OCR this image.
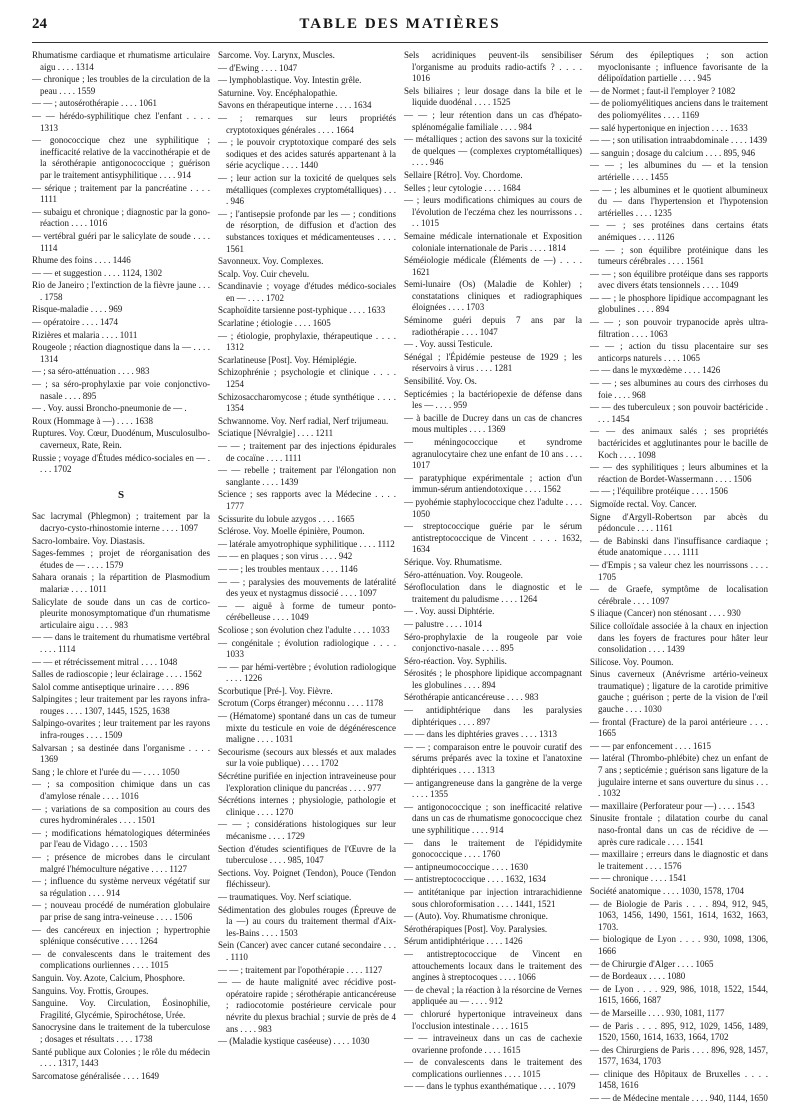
24	TABLE DES MATIÈRES

Rhumatisme cardiaque et rhumatisme articulaire aigu . . . . 1314

— chronique ; les troubles de la circulation de la peau . . . . 1559

— — ; autosérothérapie . . . . 1061

— — hérédo-syphilitique chez l'enfant . . . . 1313

— gonococcique chez une syphilitique ; inefficacité relative de la vaccinothérapie et de la sérothérapie antigonococcique ; guérison par le traitement antisyphilitique . . . . 914

— sérique ; traitement par la pancréatine . . . . 1111

— subaigu et chronique ; diagnostic par la gono-réaction . . . . 1016

— vertébral guéri par le salicylate de soude . . . . 1114

Rhume des foins . . . . 1446

— — et suggestion . . . . 1124, 1302

Rio de Janeiro ; l'extinction de la fièvre jaune . . . . 1758

Risque-maladie . . . . 969

— opératoire . . . . 1474

Rizières et malaria . . . . 1011

Rougeole ; réaction diagnostique dans la — . . . . 1314

— ; sa séro-atténuation . . . . 983

— ; sa séro-prophylaxie par voie conjonctivo-nasale . . . . 895

— . Voy. aussi Broncho-pneumonie de — .

Roux (Hommage à —) . . . . 1638

Ruptures. Voy. Cœur, Duodénum, Musculosulbo-caverneux, Rate, Rein.

Russie ; voyage d'Études médico-sociales en — . . . . 1702

S

Sac lacrymal (Phlegmon) ; traitement par la dacryo-cysto-rhinostomie interne . . . . 1097

Sacro-lombaire. Voy. Diastasis.

Sages-femmes ; projet de réorganisation des études de — . . . . 1579

Sahara oranais ; la répartition de Plasmodium malariæ . . . . 1011

Salicylate de soude dans un cas de cortico-pleurite monosymptomatique d'un rhumatisme articulaire aigu . . . . 983

— — dans le traitement du rhumatisme vertébral . . . . 1114

— — et rétrécissement mitral . . . . 1048

Salles de radioscopie ; leur éclairage . . . . 1562

Salol comme antiseptique urinaire . . . . 896

Salpingites ; leur traitement par les rayons infra-rouges . . . . 1307, 1445, 1525, 1638

Salpingo-ovarites ; leur traitement par les rayons infra-rouges . . . . 1509

Salvarsan ; sa destinée dans l'organisme . . . . 1369

Sang ; le chlore et l'urée du — . . . . 1050

— ; sa composition chimique dans un cas d'amylose rénale . . . . 1016

— ; variations de sa composition au cours des cures hydrominérales . . . . 1501

— ; modifications hématologiques déterminées par l'eau de Vidago . . . . 1503

— ; présence de microbes dans le circulant malgré l'hémoculture négative . . . . 1127

— ; influence du système nerveux végétatif sur sa régulation . . . . 914

— ; nouveau procédé de numération globulaire par prise de sang intra-veineuse . . . . 1506

— des cancéreux en injection ; hypertrophie splénique consécutive . . . . 1264

— de convalescents dans le traitement des complications ourliennes . . . . 1015

Sanguin. Voy. Azote, Calcium, Phosphore.

Sanguins. Voy. Frottis, Groupes.

Sanguine. Voy. Circulation, Éosinophilie, Fragilité, Glycémie, Spirochétose, Urée.

Sanocrysine dans le traitement de la tuberculose ; dosages et résultats . . . . 1738

Santé publique aux Colonies ; le rôle du médecin . . . . 1317, 1443

Sarcomatose généralisée . . . . 1649

Sarcome. Voy. Larynx, Muscles.

— d'Ewing . . . . 1047

— lymphoblastique. Voy. Intestin grêle.

Saturnine. Voy. Encéphalopathie.

Savons en thérapeutique interne . . . . 1634

— ; remarques sur leurs propriétés cryptotoxiques générales . . . . 1664

— ; le pouvoir cryptotoxique comparé des sels sodiques et des acides saturés appartenant à la série acyclique . . . . 1440

— ; leur action sur la toxicité de quelques sels métalliques (complexes cryptométalliques) . . . . 946

— ; l'antisepsie profonde par les — ; conditions de résorption, de diffusion et d'action des substances toxiques et médicamenteuses . . . . 1561

Savonneux. Voy. Complexes.

Scalp. Voy. Cuir chevelu.

Scandinavie ; voyage d'études médico-sociales en — . . . . 1702

Scaphoïdite tarsienne post-typhique . . . . 1633

Scarlatine ; étiologie . . . . 1605

— ; étiologie, prophylaxie, thérapeutique . . . . 1312

Scarlatineuse [Post]. Voy. Hémiplégie.

Schizophrénie ; psychologie et clinique . . . . 1254

Schizosaccharomycose ; étude synthétique . . . . 1354

Schwannome. Voy. Nerf radial, Nerf trijumeau.

Sciatique [Névralgie] . . . . 1211

— — ; traitement par des injections épidurales de cocaïne . . . . 1111

— — rebelle ; traitement par l'élongation non sanglante . . . . 1439

Science ; ses rapports avec la Médecine . . . . 1777

Scissurite du lobule azygos . . . . 1665

Sclérose. Voy. Moelle épinière, Poumon.

— latérale amyotrophique syphilitique . . . . 1112

— — en plaques ; son virus . . . . 942

— — ; les troubles mentaux . . . . 1146

— — ; paralysies des mouvements de latéralité des yeux et nystagmus dissocié . . . . 1097

— — aiguë à forme de tumeur ponto-cérébelleuse . . . . 1049

Scoliose ; son évolution chez l'adulte . . . . 1033

— congénitale ; évolution radiologique . . . . 1033

— — par hémi-vertèbre ; évolution radiologique . . . . 1226

Scorbutique [Pré-]. Voy. Fièvre.

Scrotum (Corps étranger) méconnu . . . . 1178

— (Hématome) spontané dans un cas de tumeur mixte du testicule en voie de dégénérescence maligne . . . . 1031

Secourisme (secours aux blessés et aux malades sur la voie publique) . . . . 1702

Sécrétine purifiée en injection intraveineuse pour l'exploration clinique du pancréas . . . . 977

Sécrétions internes ; physiologie, pathologie et clinique . . . . 1270

— — ; considérations histologiques sur leur mécanisme . . . . 1729

Section d'études scientifiques de l'Œuvre de la tuberculose . . . . 985, 1047

Sections. Voy. Poignet (Tendon), Pouce (Tendon fléchisseur).

— traumatiques. Voy. Nerf sciatique.

Sédimentation des globules rouges (Épreuve de la —) au cours du traitement thermal d'Aix-les-Bains . . . . 1503

Sein (Cancer) avec cancer cutané secondaire . . . . 1110

— — ; traitement par l'opothérapie . . . . 1127

— — de haute malignité avec récidive post-opératoire rapide ; sérothérapie anticancéreuse ; radiocotomie postérieure cervicale pour névrite du plexus brachial ; survie de près de 4 ans . . . . 983

— (Maladie kystique caséeuse) . . . . 1030

Sels acridiniques peuvent-ils sensibiliser l'organisme au produits radio-actifs ? . . . . 1016

Sels biliaires ; leur dosage dans la bile et le liquide duodénal . . . . 1525

— — ; leur rétention dans un cas d'hépato-splénomégalie familiale . . . . 984

— métalliques ; action des savons sur la toxicité de quelques — (complexes cryptométalliques) . . . . 946

Sellaire [Rétro]. Voy. Chordome.

Selles ; leur cytologie . . . . 1684

— ; leurs modifications chimiques au cours de l'évolution de l'eczéma chez les nourrissons . . . . 1015

Semaine médicale internationale et Exposition coloniale internationale de Paris . . . . 1814

Séméiologie médicale (Éléments de —) . . . . 1621

Semi-lunaire (Os) (Maladie de Kohler) ; constatations cliniques et radiographiques éloignées . . . . 1703

Séminome guéri depuis 7 ans par la radiothérapie . . . . 1047

— . Voy. aussi Testicule.

Sénégal ; l'Épidémie pesteuse de 1929 ; les réservoirs à virus . . . . 1281

Sensibilité. Voy. Os.

Septicémies ; la bactériopexie de défense dans les — . . . . 959

— à bacille de Ducrey dans un cas de chancres mous multiples . . . . 1369

— méningococcique et syndrome agranulocytaire chez une enfant de 10 ans . . . . 1017

— paratyphique expérimentale ; action d'un immun-sérum antiendotoxique . . . . 1562

— pyohémie staphylococcique chez l'adulte . . . . 1050

— streptococcique guérie par le sérum antistreptococcique de Vincent . . . . 1632, 1634

Sérique. Voy. Rhumatisme.

Séro-atténuation. Voy. Rougeole.

Sérofloculation dans le diagnostic et le traitement du paludisme . . . . 1264

— . Voy. aussi Diphtérie.

— palustre . . . . 1014

Séro-prophylaxie de la rougeole par voie conjonctivo-nasale . . . . 895

Séro-réaction. Voy. Syphilis.

Sérosités ; le phosphore lipidique accompagnant les globulines . . . . 894

Sérothérapie anticancéreuse . . . . 983

— antidiphtérique dans les paralysies diphtériques . . . . 897

— — dans les diphtéries graves . . . . 1313

— — ; comparaison entre le pouvoir curatif des sérums préparés avec la toxine et l'anatoxine diphtériques . . . . 1313

— antigangreneuse dans la gangrène de la verge . . . . 1355

— antigonococcique ; son inefficacité relative dans un cas de rhumatisme gonococcique chez une syphilitique . . . . 914

— dans le traitement de l'épididymite gonococcique . . . . 1760

— antipneumococcique . . . . 1630

— antistreptococcique . . . . 1632, 1634

— antitétanique par injection intrarachidienne sous chloroformisation . . . . 1441, 1521

— (Auto). Voy. Rhumatisme chronique.

Sérothérapiques [Post]. Voy. Paralysies.

Sérum antidiphtérique . . . . 1426

— antistreptococcique de Vincent en attouchements locaux dans le traitement des angines à streptocoques . . . . 1066

— de cheval ; la réaction à la résorcine de Vernes appliquée au — . . . . 912

— chloruré hypertonique intraveineux dans l'occlusion intestinale . . . . 1615

— — intraveineux dans un cas de cachexie ovarienne profonde . . . . 1615

— de convalescents dans le traitement des complications ourliennes . . . . 1015

— — dans le typhus exanthématique . . . . 1079

Sérum des épileptiques ; son action myoclonisante ; influence favorisante de la délipoïdation partielle . . . . 945

— de Normet ; faut-il l'employer ? 1082

— de poliomyélitiques anciens dans le traitement des poliomyélites . . . . 1169

— salé hypertonique en injection . . . . 1633

— — ; son utilisation intraabdominale . . . . 1439

— sanguin ; dosage du calcium . . . . 895, 946

— — ; les albumines du — et la tension artérielle . . . . 1455

— — ; les albumines et le quotient albumineux du — dans l'hypertension et l'hypotension artérielles . . . . 1235

— — ; ses protéines dans certains états anémiques . . . . 1126

— — ; son équilibre protéinique dans les tumeurs cérébrales . . . . 1561

— — ; son équilibre protéique dans ses rapports avec divers états tensionnels . . . . 1049

— — ; le phosphore lipidique accompagnant les globulines . . . . 894

— — ; son pouvoir trypanocide après ultra-filtration . . . . 1063

— — ; action du tissu placentaire sur ses anticorps naturels . . . . 1065

— — dans le myxœdème . . . . 1426

— — ; ses albumines au cours des cirrhoses du foie . . . . 968

— — des tuberculeux ; son pouvoir bactéricide . . . . 1454

— — des animaux salés ; ses propriétés bactéricides et agglutinantes pour le bacille de Koch . . . . 1098

— — des syphilitiques ; leurs albumines et la réaction de Bordet-Wassermann . . . . 1506

— — ; l'équilibre protéique . . . . 1506

Sigmoïde rectal. Voy. Cancer.

Signe d'Argyll-Robertson par abcès du pédoncule . . . . 1161

— de Babinski dans l'insuffisance cardiaque ; étude anatomique . . . . 1111

— d'Empis ; sa valeur chez les nourrissons . . . . 1705

— de Graefe, symptôme de localisation cérébrale . . . . 1097

S iliaque (Cancer) non sténosant . . . . 930

Silice colloïdale associée à la chaux en injection dans les foyers de fractures pour hâter leur consolidation . . . . 1439

Silicose. Voy. Poumon.

Sinus caverneux (Anévrisme artério-veineux traumatique) ; ligature de la carotide primitive gauche ; guérison ; perte de la vision de l'œil gauche . . . . 1030

— frontal (Fracture) de la paroi antérieure . . . . 1665

— — par enfoncement . . . . 1615

— latéral (Thrombo-phlébite) chez un enfant de 7 ans ; septicémie ; guérison sans ligature de la jugulaire interne et sans ouverture du sinus . . . . 1032

— maxillaire (Perforateur pour —) . . . . 1543

Sinusite frontale ; dilatation courbe du canal naso-frontal dans un cas de récidive de — après cure radicale . . . . 1541

— maxillaire ; erreurs dans le diagnostic et dans le traitement . . . . 1576

— — chronique . . . . 1541

Société anatomique . . . . 1030, 1578, 1704

— de Biologie de Paris . . . . 894, 912, 945, 1063, 1456, 1490, 1561, 1614, 1632, 1663, 1703.

— biologique de Lyon . . . . 930, 1098, 1306, 1666

— de Chirurgie d'Alger . . . . 1065

— de Bordeaux . . . . 1080

— de Lyon . . . . 929, 986, 1018, 1522, 1544, 1615, 1666, 1687

— de Marseille . . . . 930, 1081, 1177

— de Paris . . . . 895, 912, 1029, 1456, 1489, 1520, 1560, 1614, 1633, 1664, 1702

— des Chirurgiens de Paris . . . . 896, 928, 1457, 1577, 1634, 1703

— clinique des Hôpitaux de Bruxelles . . . . 1458, 1616

— — de Médecine mentale . . . . 940, 1144, 1650
